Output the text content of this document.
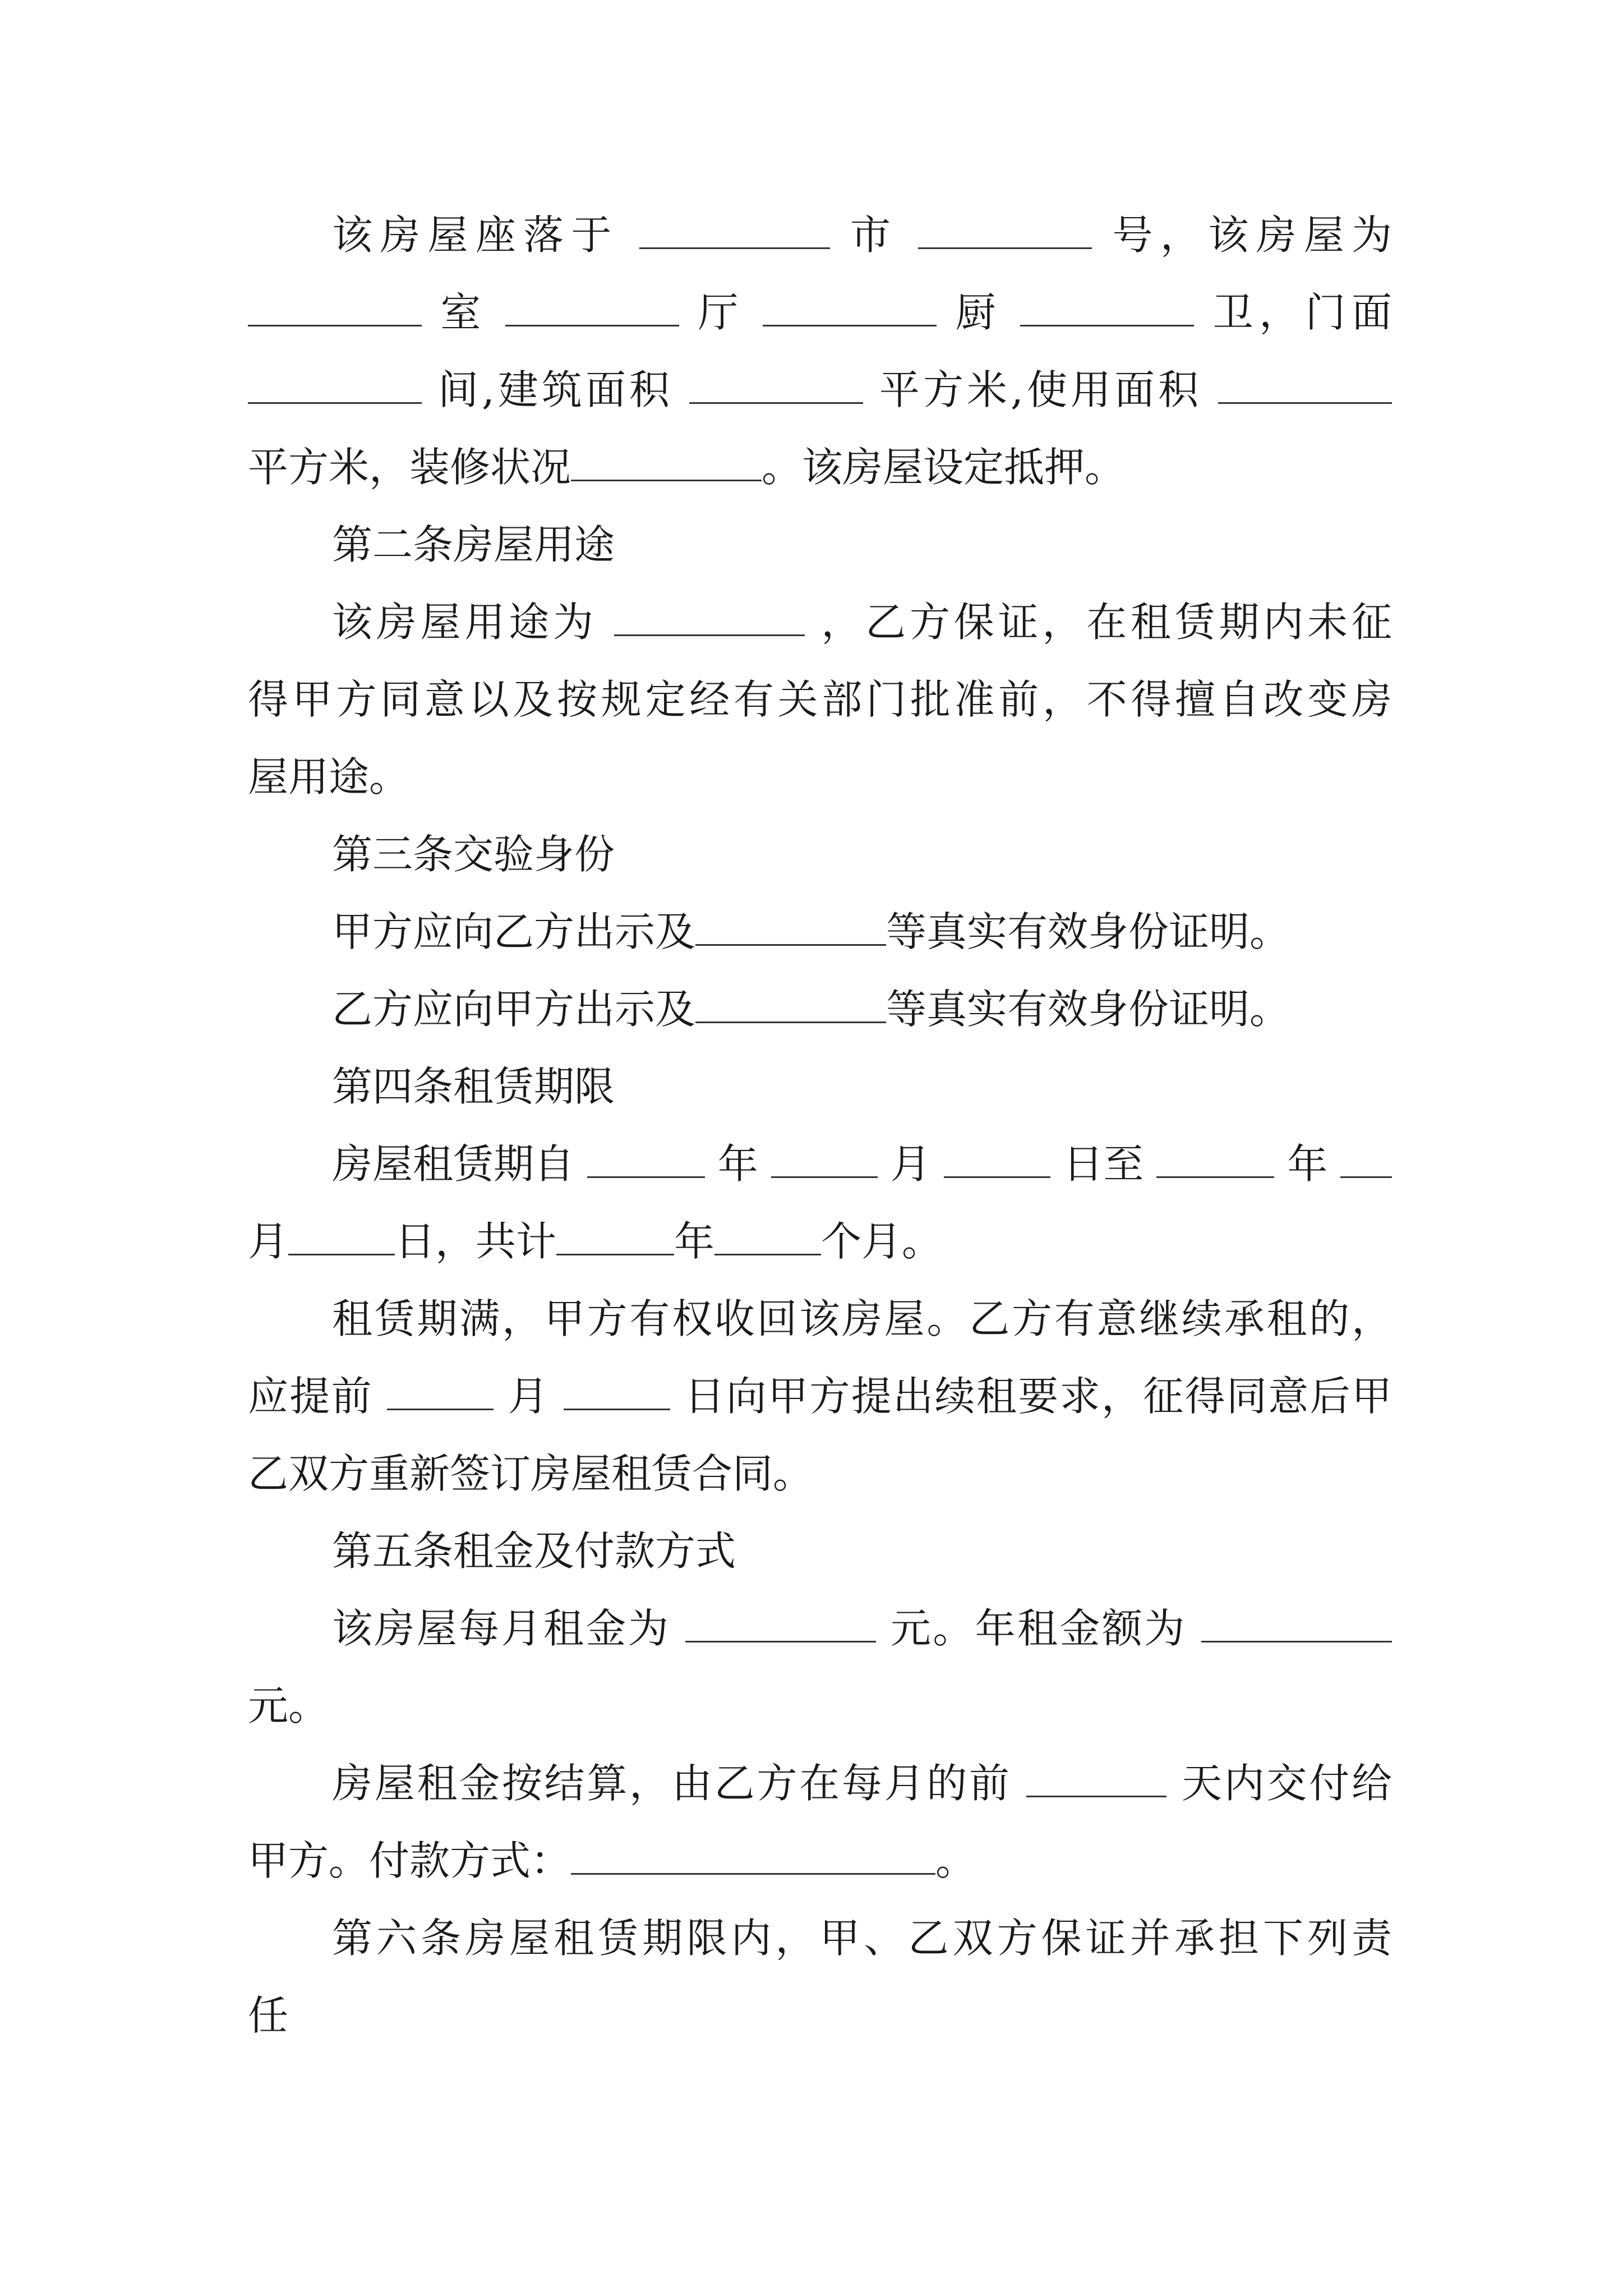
该房屋座落于	市	号，该房屋为
室	厅	厨	卫，门面
间,建筑面积	平方米,使用面积
平方米，装修状况	。该房屋设定抵押。
第二条房屋用途
该房屋用途为	，乙方保证，在租赁期内未征
得甲方同意以及按规定经有关部门批准前，不得擅自改变房
屋用途。
第三条交验身份
甲方应向乙方出示及	等真实有效身份证明。
乙方应向甲方出示及	等真实有效身份证明。
第四条租赁期限
房屋租赁期自	年	月	日至	年
月	日，共计	年	个月。
租赁期满，甲方有权收回该房屋。乙方有意继续承租的，
应提前	月	日向甲方提出续租要求，征得同意后甲
乙双方重新签订房屋租赁合同。
第五条租金及付款方式
该房屋每月租金为	元。年租金额为
元。
房屋租金按结算，由乙方在每月的前	天内交付给
甲方。付款方式：	。
第六条房屋租赁期限内，甲、乙双方保证并承担下列责
任
